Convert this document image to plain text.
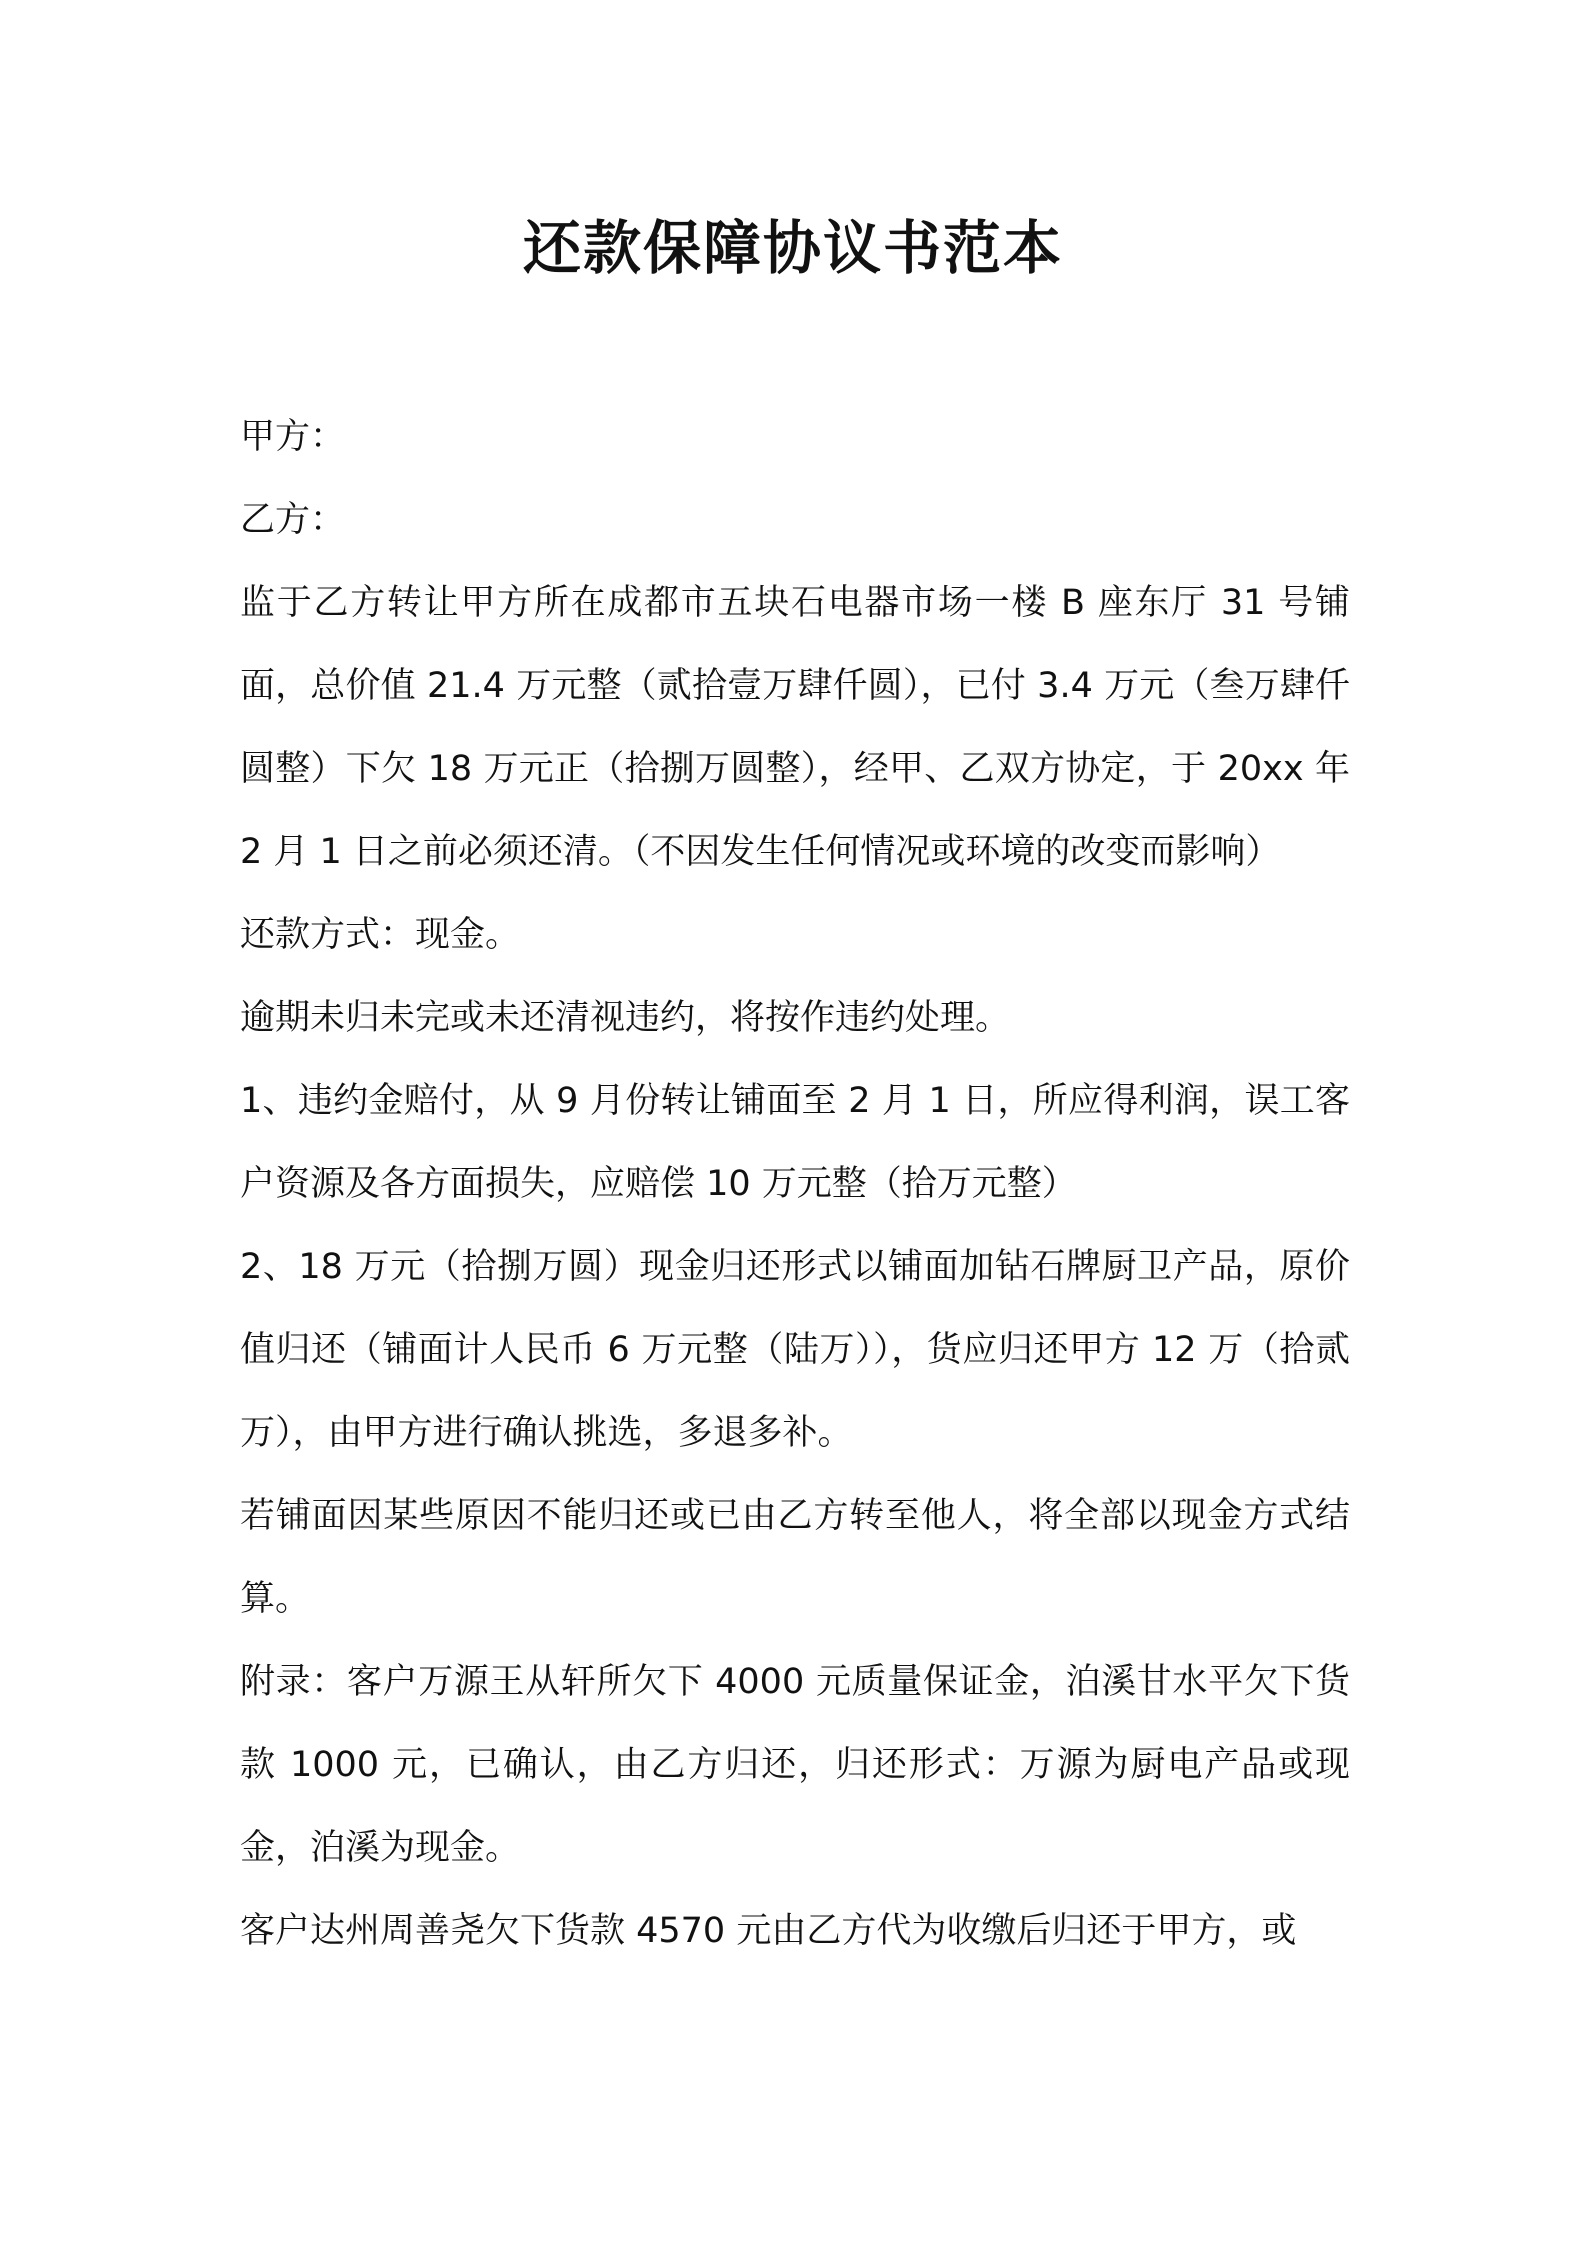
还款保障协议书范本

甲方：

乙方：

监于乙方转让甲方所在成都市五块石电器市场一楼 B 座东厅 31 号铺面，总价值 21.4 万元整（贰拾壹万肆仟圆），已付 3.4 万元（叁万肆仟圆整）下欠 18 万元正（拾捌万圆整），经甲、乙双方协定，于 20xx 年 2 月 1 日之前必须还清。（不因发生任何情况或环境的改变而影响）

还款方式：现金。

逾期未归未完或未还清视违约，将按作违约处理。

1、违约金赔付，从 9 月份转让铺面至 2 月 1 日，所应得利润，误工客户资源及各方面损失，应赔偿 10 万元整（拾万元整）

2、18 万元（拾捌万圆）现金归还形式以铺面加钻石牌厨卫产品，原价值归还（铺面计人民币 6 万元整（陆万）），货应归还甲方 12 万（拾贰万），由甲方进行确认挑选，多退多补。

若铺面因某些原因不能归还或已由乙方转至他人，将全部以现金方式结算。

附录：客户万源王从轩所欠下 4000 元质量保证金，泊溪甘水平欠下货款 1000 元，已确认，由乙方归还，归还形式：万源为厨电产品或现金，泊溪为现金。

客户达州周善尧欠下货款 4570 元由乙方代为收缴后归还于甲方，或
